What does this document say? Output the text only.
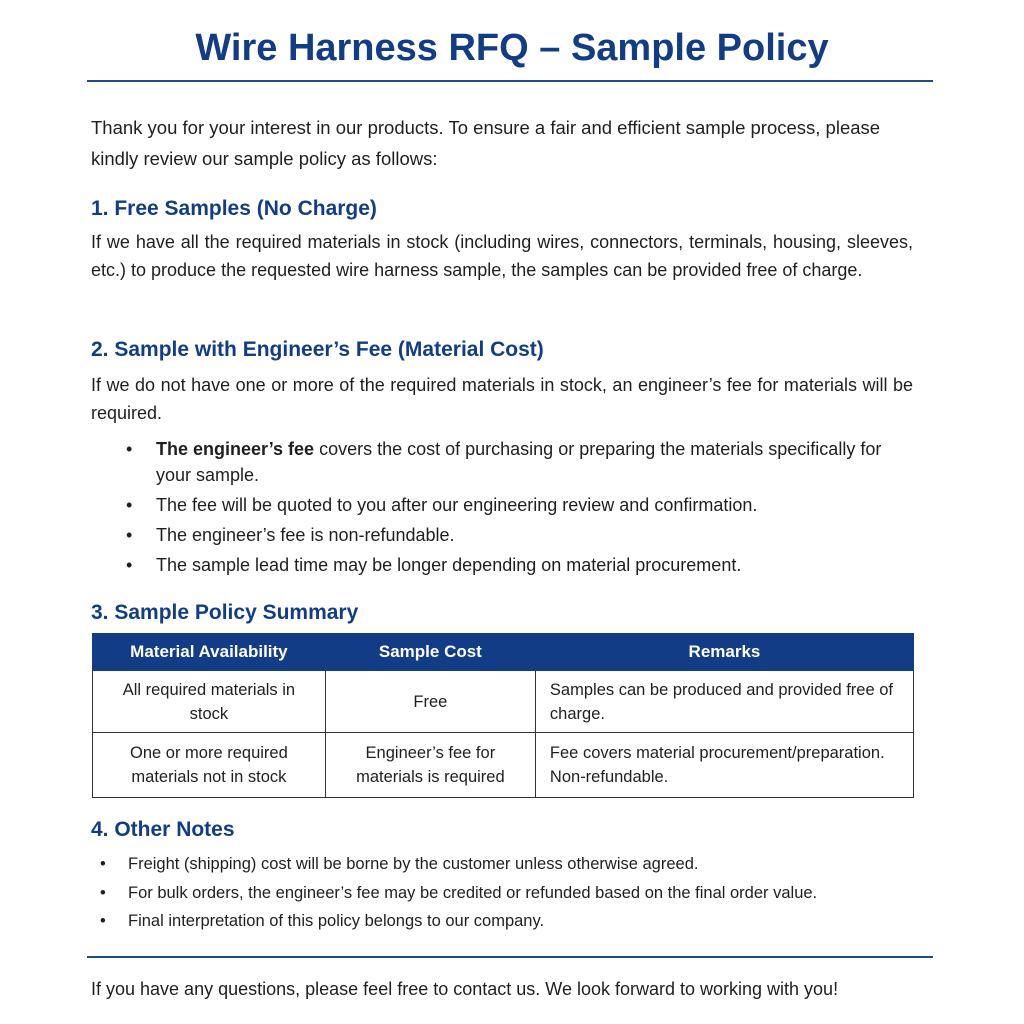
Wire Harness RFQ – Sample Policy

Thank you for your interest in our products. To ensure a fair and efficient sample process, please kindly review our sample policy as follows:

1. Free Samples (No Charge)

If we have all the required materials in stock (including wires, connectors, terminals, housing, sleeves, etc.) to produce the requested wire harness sample, the samples can be provided free of charge.

2. Sample with Engineer’s Fee (Material Cost)

If we do not have one or more of the required materials in stock, an engineer’s fee for materials will be required.

• The engineer’s fee covers the cost of purchasing or preparing the materials specifically for your sample.
• The fee will be quoted to you after our engineering review and confirmation.
• The engineer’s fee is non-refundable.
• The sample lead time may be longer depending on material procurement.
3. Sample Policy Summary
Material Availability	Sample Cost	Remarks
All required materials in stock	Free	Samples can be produced and provided free of charge.
One or more required materials not in stock	Engineer’s fee for materials is required	Fee covers material procurement/preparation. Non-refundable.
4. Other Notes
• Freight (shipping) cost will be borne by the customer unless otherwise agreed.
• For bulk orders, the engineer’s fee may be credited or refunded based on the final order value.
• Final interpretation of this policy belongs to our company.

If you have any questions, please feel free to contact us. We look forward to working with you!
